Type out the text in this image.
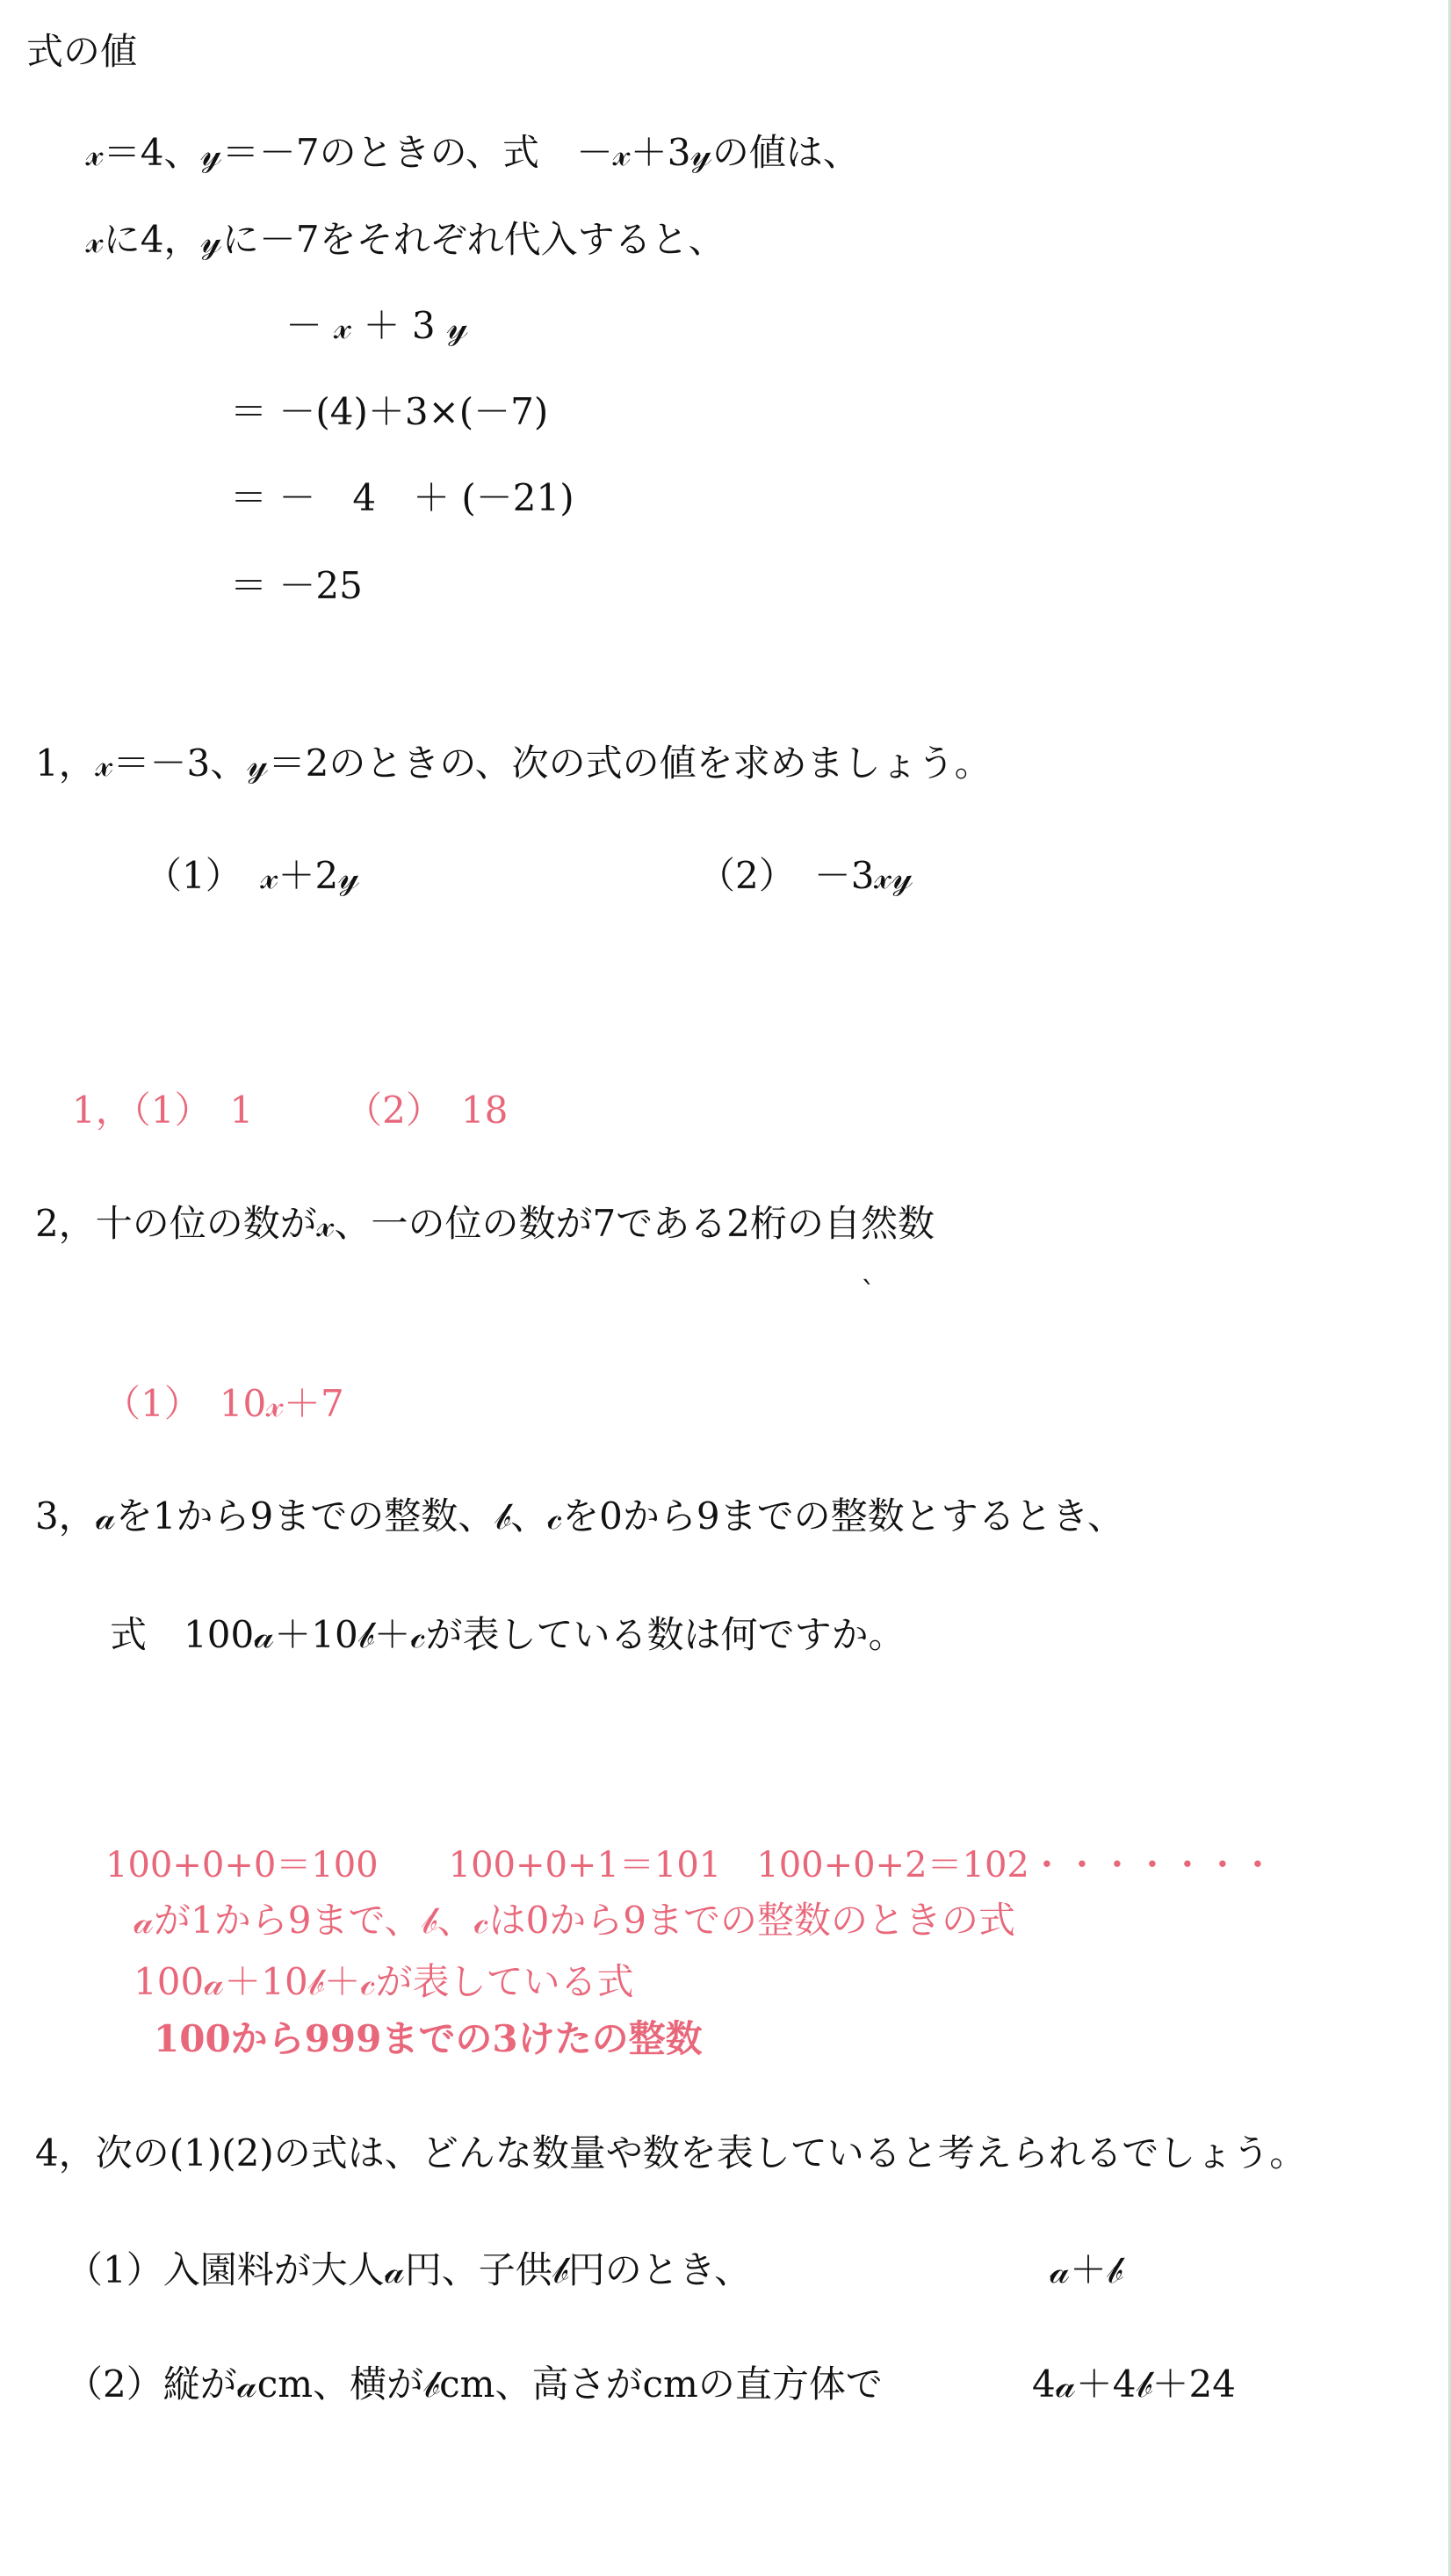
式の値
𝓍＝4、𝓎＝－7のときの、式　－𝓍＋3𝓎の値は、
𝓍に4，𝓎に－7をそれぞれ代入すると、
－ 𝓍 ＋ 3 𝓎
＝ －(4)＋3×(－7)
＝ －　4　＋ (－21)
＝ －25
1，𝓍＝－3、𝓎＝2のときの、次の式の値を求めましょう。
（1）　𝓍＋2𝓎	（2）　－3𝓍𝓎
1，（1）　1　　　（2）　18
2，十の位の数が𝓍、一の位の数が7である2桁の自然数
ˋ
（1）　10𝓍＋7
3，𝒶を1から9までの整数、𝒷、𝒸を0から9までの整数とするとき、
式　100𝒶＋10𝒷＋𝒸が表している数は何ですか。
100+0+0＝100　　100+0+1＝101　100+0+2＝102・・・・・・・
𝒶が1から9まで、𝒷、𝒸は0から9までの整数のときの式
100𝒶＋10𝒷＋𝒸が表している式
100から999までの3けたの整数
4，次の(1)(2)の式は、どんな数量や数を表していると考えられるでしょう。
（1）入園料が大人𝒶円、子供𝒷円のとき、	𝒶＋𝒷
（2）縦が𝒶cm、横が𝒷cm、高さがcmの直方体で	4𝒶＋4𝒷＋24
